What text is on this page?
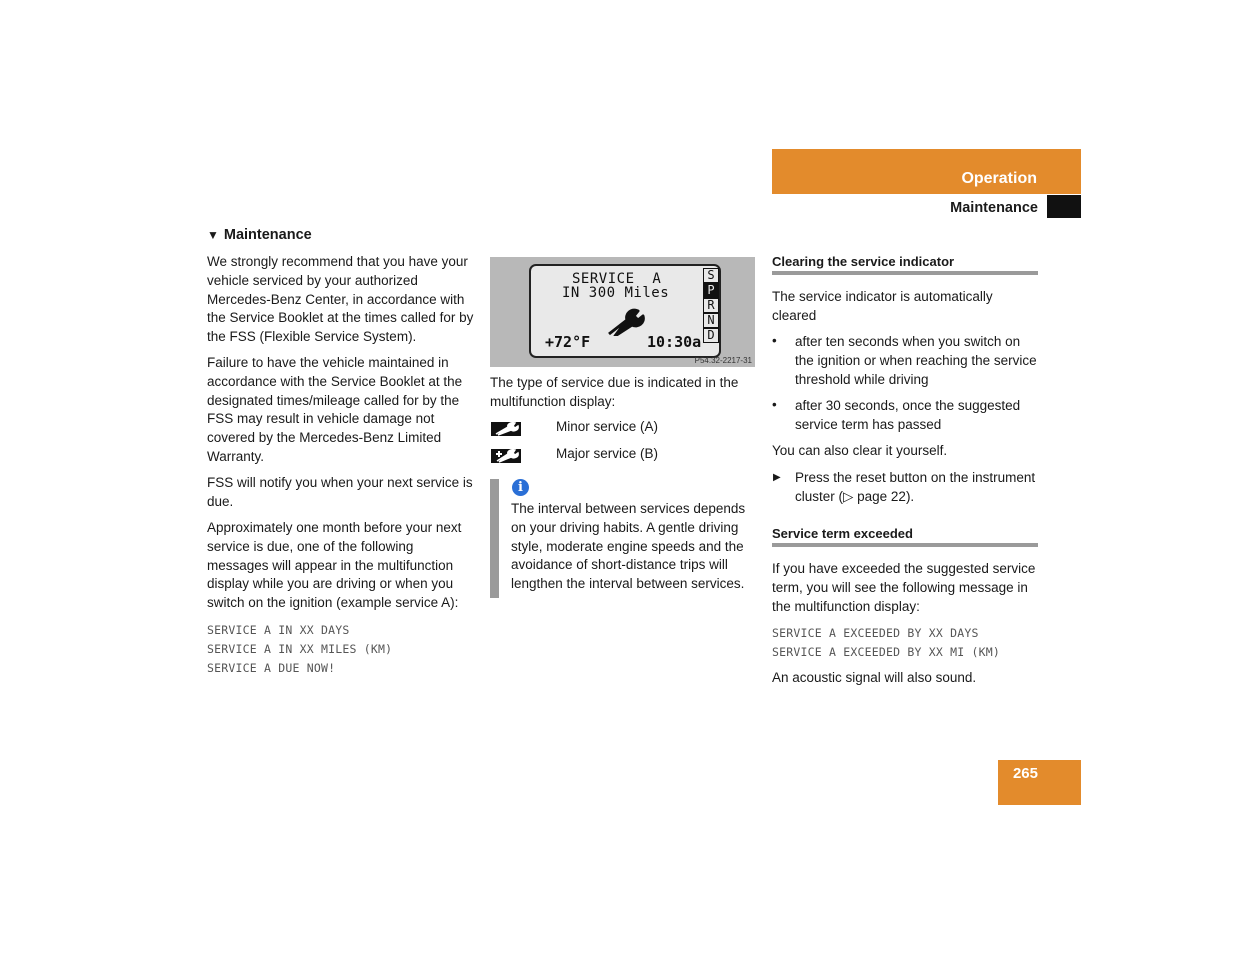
Operation
Maintenance
▼ Maintenance

We strongly recommend that you have your vehicle serviced by your authorized Mercedes-Benz Center, in accordance with the Service Booklet at the times called for by the FSS (Flexible Service System).

Failure to have the vehicle maintained in accordance with the Service Booklet at the designated times/mileage called for by the FSS may result in vehicle damage not covered by the Mercedes-Benz Limited Warranty.

FSS will notify you when your next service is due.

Approximately one month before your next service is due, one of the following messages will appear in the multifunction display while you are driving or when you switch on the ignition (example service A):

SERVICE A IN XX DAYS

SERVICE A IN XX MILES (KM)

SERVICE A DUE NOW!

SERVICE  A
IN 300 Miles
+72°F	10:30a
S
P
R
N
D
P54.32-2217-31

The type of service due is indicated in the multifunction display:

Minor service (A)
Major service (B)
i

The interval between services depends on your driving habits. A gentle driving style, moderate engine speeds and the avoidance of short-distance trips will lengthen the interval between services.

Clearing the service indicator

The service indicator is automatically cleared

• after ten seconds when you switch on the ignition or when reaching the service threshold while driving

• after 30 seconds, once the suggested service term has passed

You can also clear it yourself.

▶ Press the reset button on the instrument cluster (▷ page 22).

Service term exceeded

If you have exceeded the suggested service term, you will see the following message in the multifunction display:

SERVICE A EXCEEDED BY XX DAYS

SERVICE A EXCEEDED BY XX MI (KM)

An acoustic signal will also sound.

265
